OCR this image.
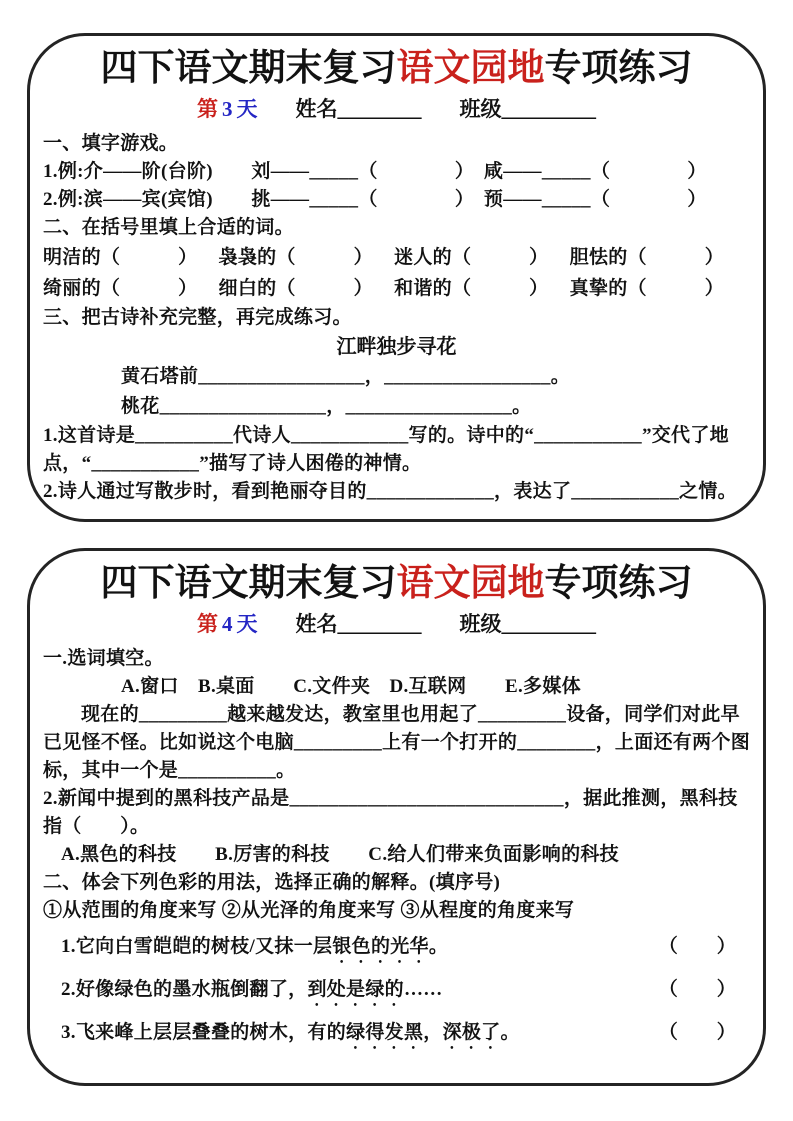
四下语文期末复习语文园地专项练习
第 3 天 姓名________ 班级_________
一、填字游戏。
1.例:介——阶(台阶)　　刘——_____（　　　　）　咸——_____（　　　　）
2.例:滨——宾(宾馆)　　挑——_____（　　　　）　预——_____（　　　　）
二、在括号里填上合适的词。
明洁的（　　　） 袅袅的（　　　） 迷人的（　　　） 胆怯的（　　　）
绮丽的（　　　） 细白的（　　　） 和谐的（　　　） 真挚的（　　　）
三、把古诗补充完整，再完成练习。
江畔独步寻花
黄石塔前_________________，_________________。
桃花_________________，_________________。
1.这首诗是__________代诗人____________写的。诗中的“___________”交代了地点，“___________”描写了诗人困倦的神情。
2.诗人通过写散步时，看到艳丽夺目的_____________，表达了___________之情。
四下语文期末复习语文园地专项练习
第 4 天 姓名________ 班级_________
一.选词填空。
A.窗口　B.桌面　　C.文件夹　D.互联网　　E.多媒体
现在的_________越来越发达，教室里也用起了_________设备，同学们对此早已见怪不怪。比如说这个电脑_________上有一个打开的________，上面还有两个图标，其中一个是__________。
2.新闻中提到的黑科技产品是____________________________，据此推测，黑科技指（　　）。
A.黑色的科技　　B.厉害的科技　　C.给人们带来负面影响的科技
二、体会下列色彩的用法，选择正确的解释。(填序号)
①从范围的角度来写 ②从光泽的角度来写 ③从程度的角度来写
1.它向白雪皑皑的树枝/又抹一层银色的光华。	（　　）
2.好像绿色的墨水瓶倒翻了，到处是绿的……	（　　）
3.飞来峰上层层叠叠的树木，有的绿得发黑，深极了。	（　　）
